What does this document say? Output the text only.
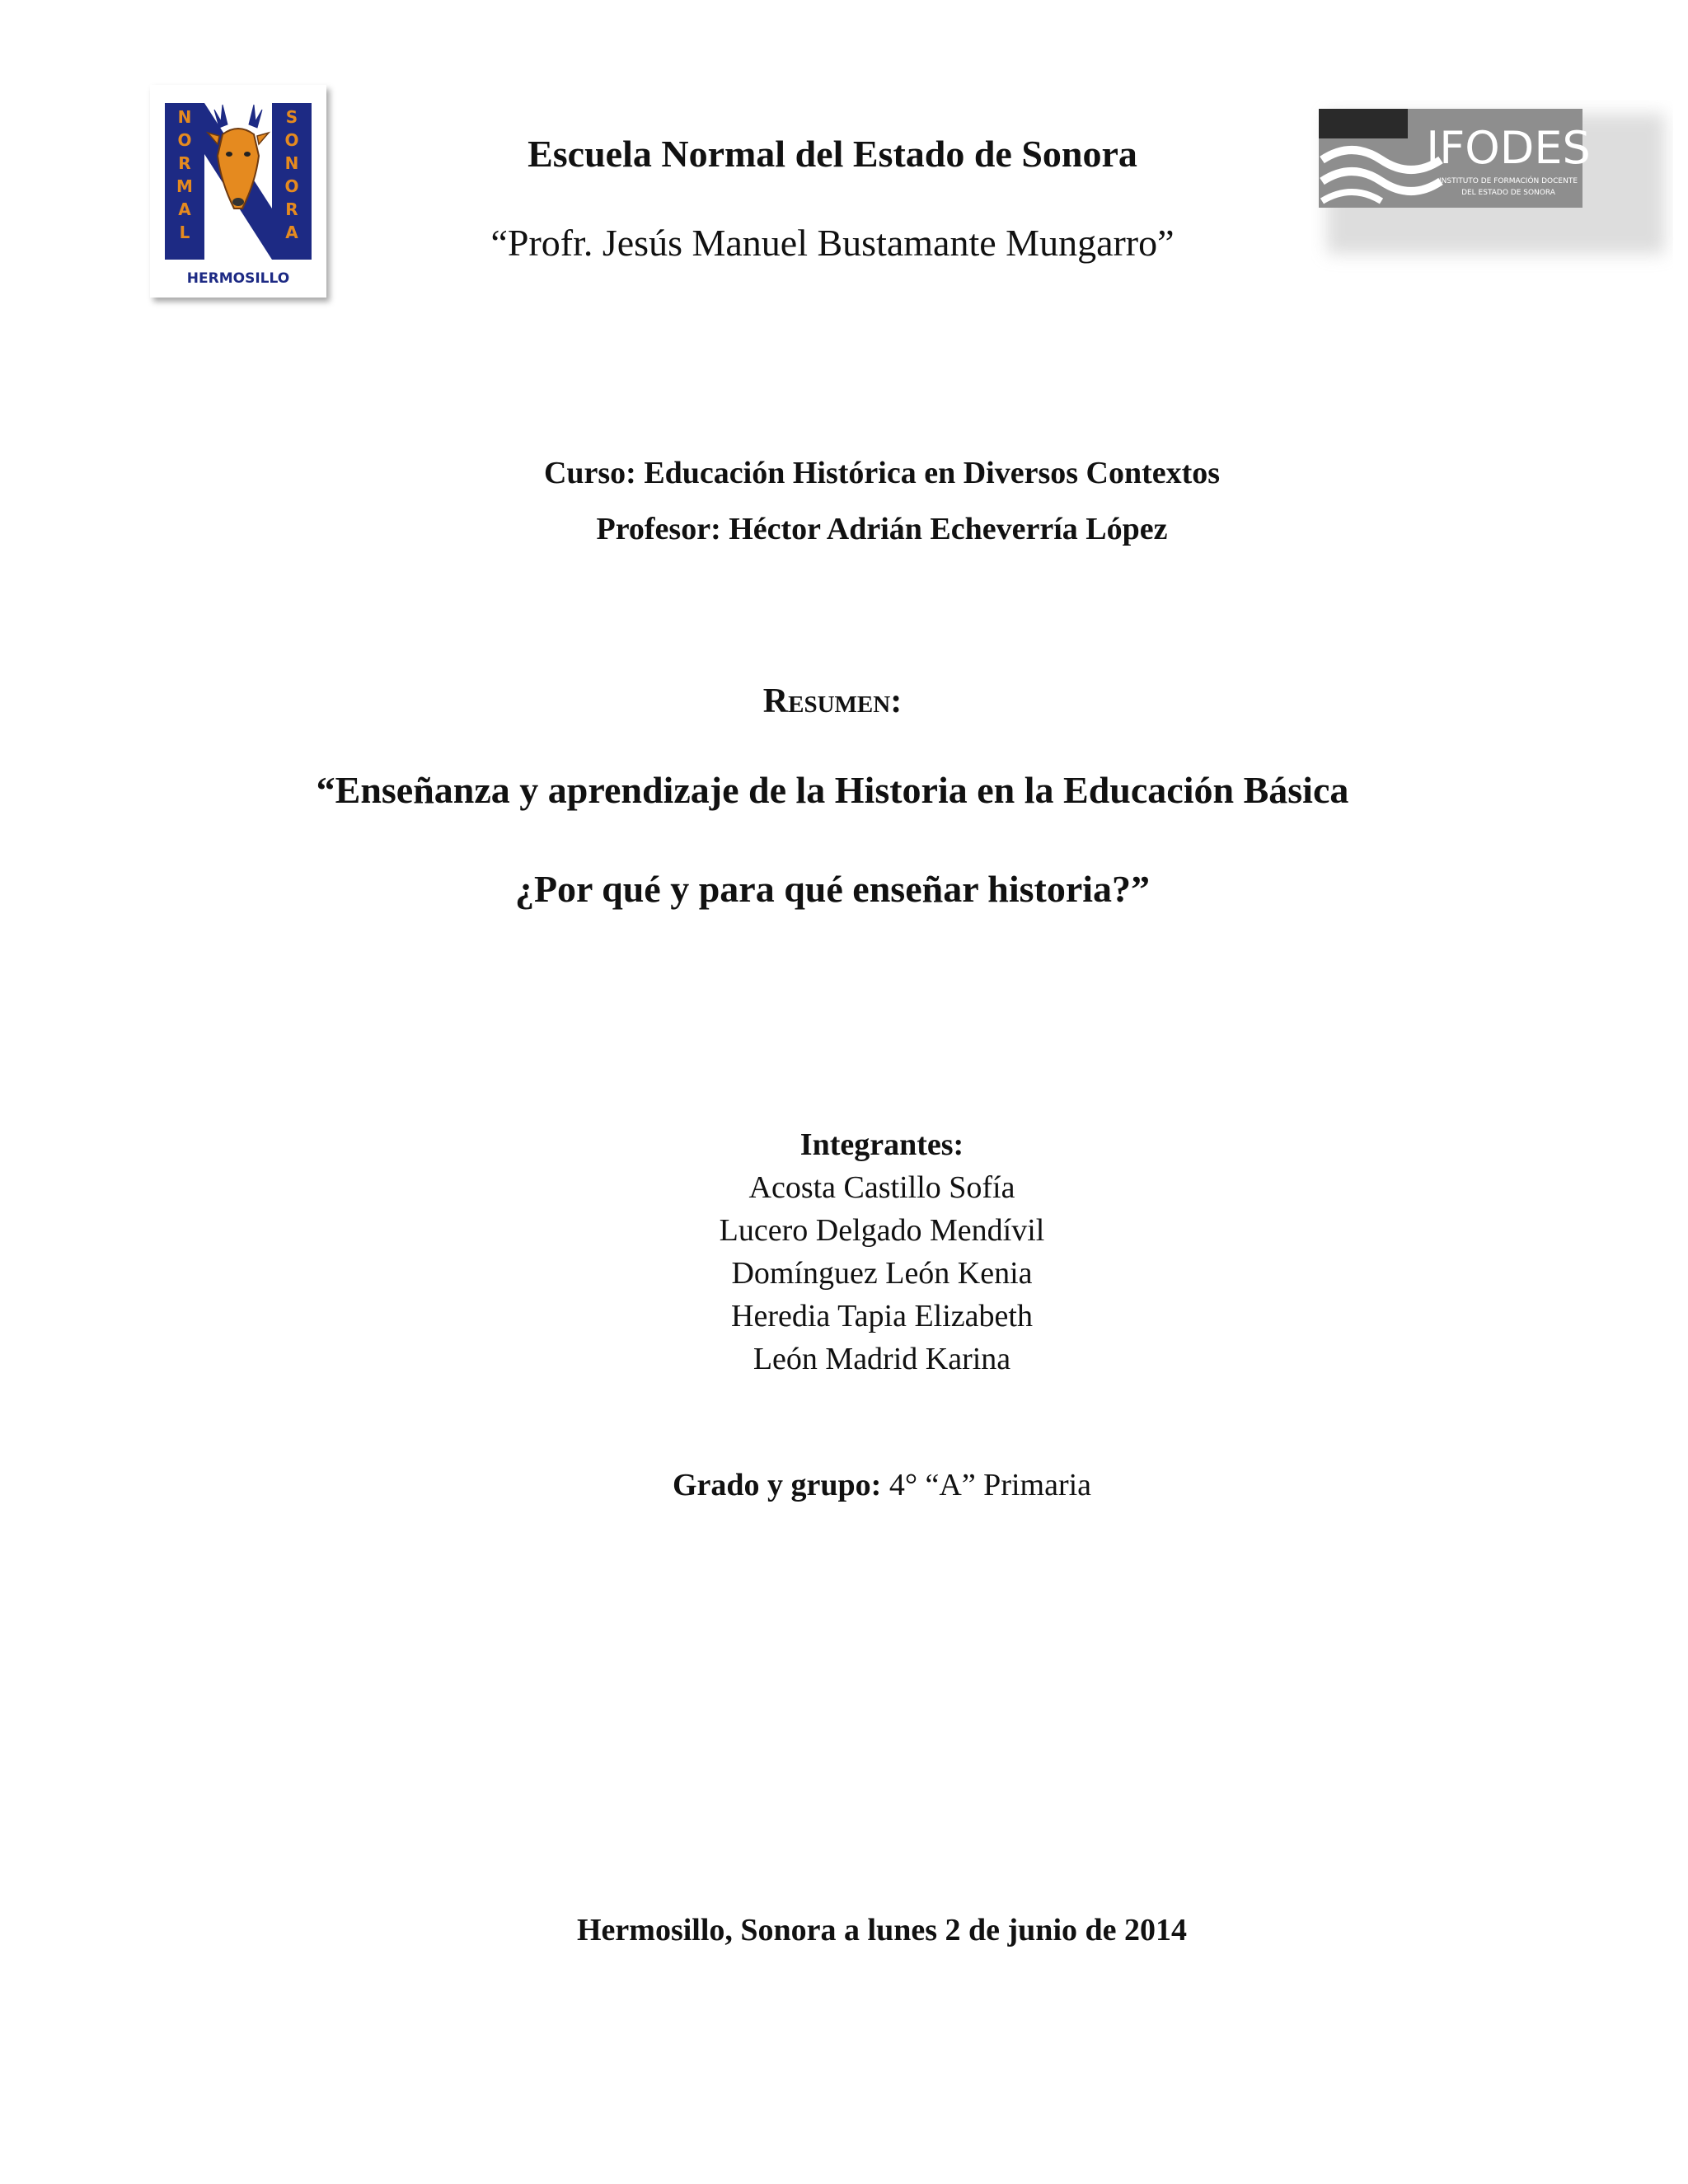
N
O
R
M
A
L
S
O
N
O
R
A
HERMOSILLO
IFODES
INSTITUTO DE FORMACIÓN DOCENTE
DEL ESTADO DE SONORA
Escuela Normal del Estado de Sonora
“Profr. Jesús Manuel Bustamante Mungarro”
Curso: Educación Histórica en Diversos Contextos
Profesor: Héctor Adrián Echeverría López
Resumen:
“Enseñanza y aprendizaje de la Historia en la Educación Básica
¿Por qué y para qué enseñar historia?”
Integrantes:
Acosta Castillo Sofía
Lucero Delgado Mendívil
Domínguez León Kenia
Heredia Tapia Elizabeth
León Madrid Karina
Grado y grupo: 4° “A” Primaria
Hermosillo, Sonora a lunes 2 de junio de 2014
